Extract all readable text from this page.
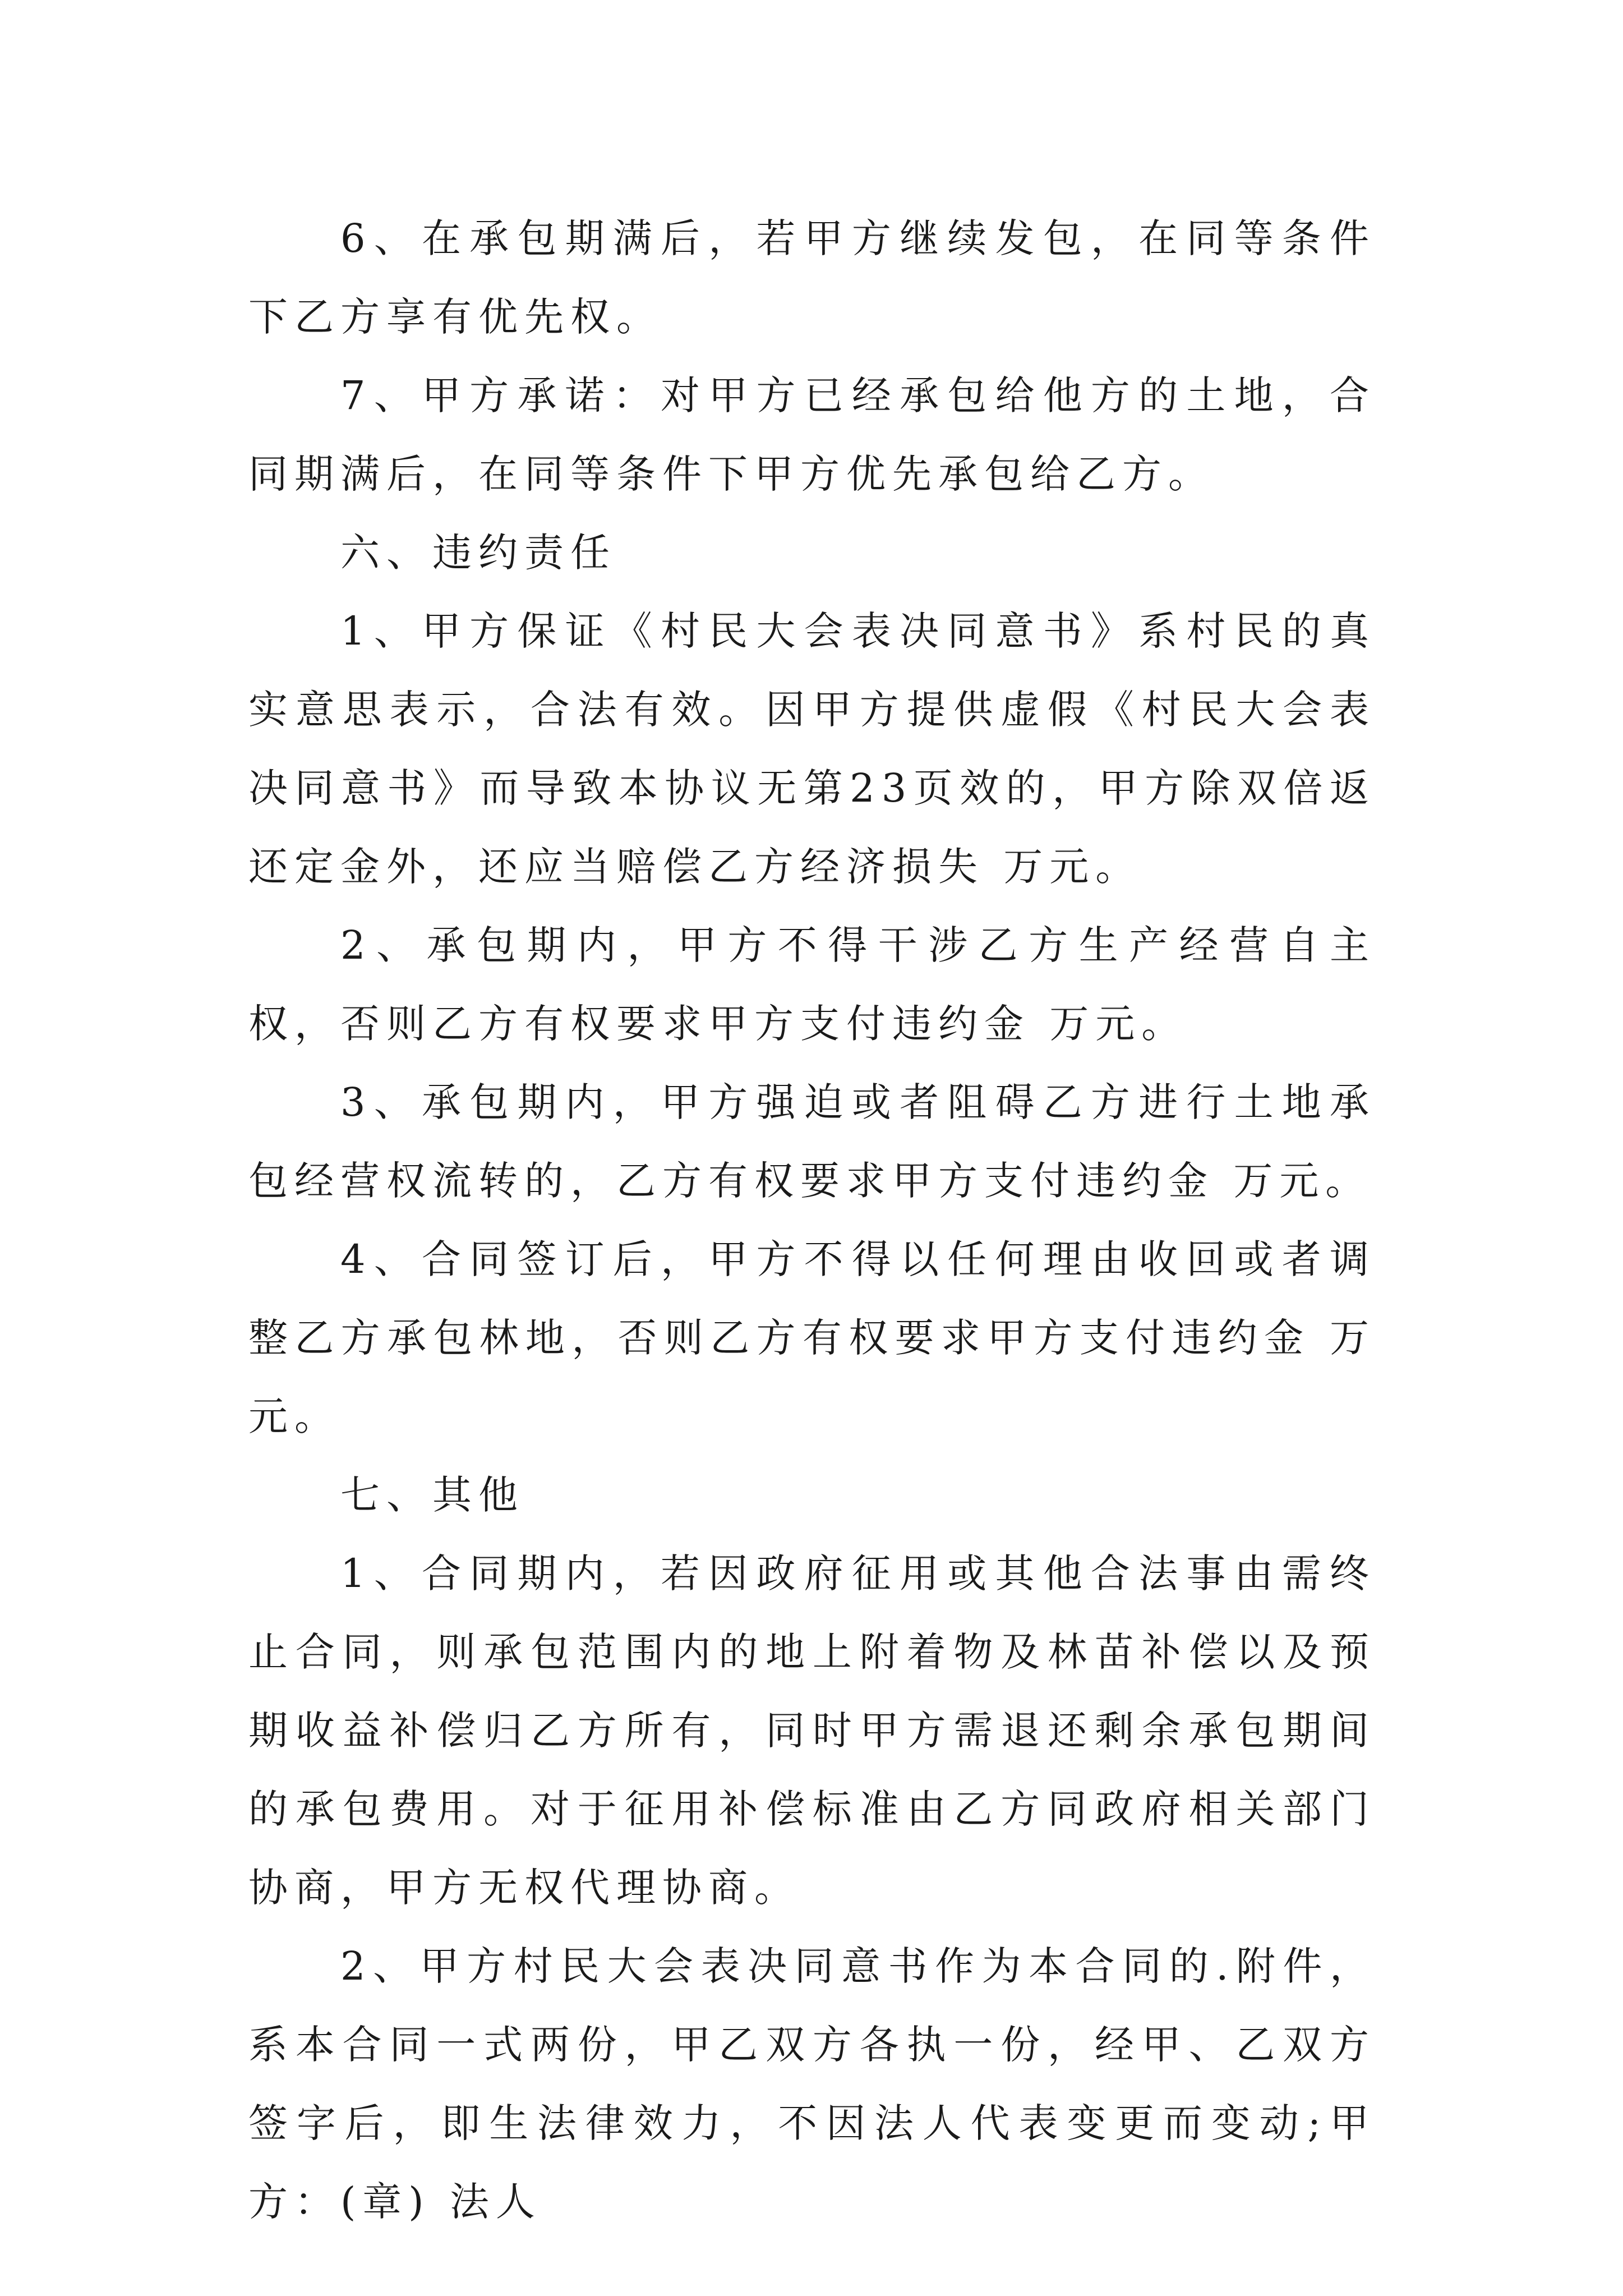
6、在承包期满后，若甲方继续发包，在同等条件下乙方享有优先权。

7、甲方承诺：对甲方已经承包给他方的土地，合同期满后，在同等条件下甲方优先承包给乙方。

六、违约责任

1、甲方保证《村民大会表决同意书》系村民的真实意思表示，合法有效。因甲方提供虚假《村民大会表决同意书》而导致本协议无第23页效的，甲方除双倍返还定金外，还应当赔偿乙方经济损失 万元。

2、承包期内，甲方不得干涉乙方生产经营自主权，否则乙方有权要求甲方支付违约金 万元。

3、承包期内，甲方强迫或者阻碍乙方进行土地承包经营权流转的，乙方有权要求甲方支付违约金 万元。

4、合同签订后，甲方不得以任何理由收回或者调整乙方承包林地，否则乙方有权要求甲方支付违约金 万元。

七、其他

1、合同期内，若因政府征用或其他合法事由需终止合同，则承包范围内的地上附着物及林苗补偿以及预期收益补偿归乙方所有，同时甲方需退还剩余承包期间的承包费用。对于征用补偿标准由乙方同政府相关部门协商，甲方无权代理协商。

2、甲方村民大会表决同意书作为本合同的.附件，系本合同一式两份，甲乙双方各执一份，经甲、乙双方签字后，即生法律效力，不因法人代表变更而变动;甲方：(章) 法人
